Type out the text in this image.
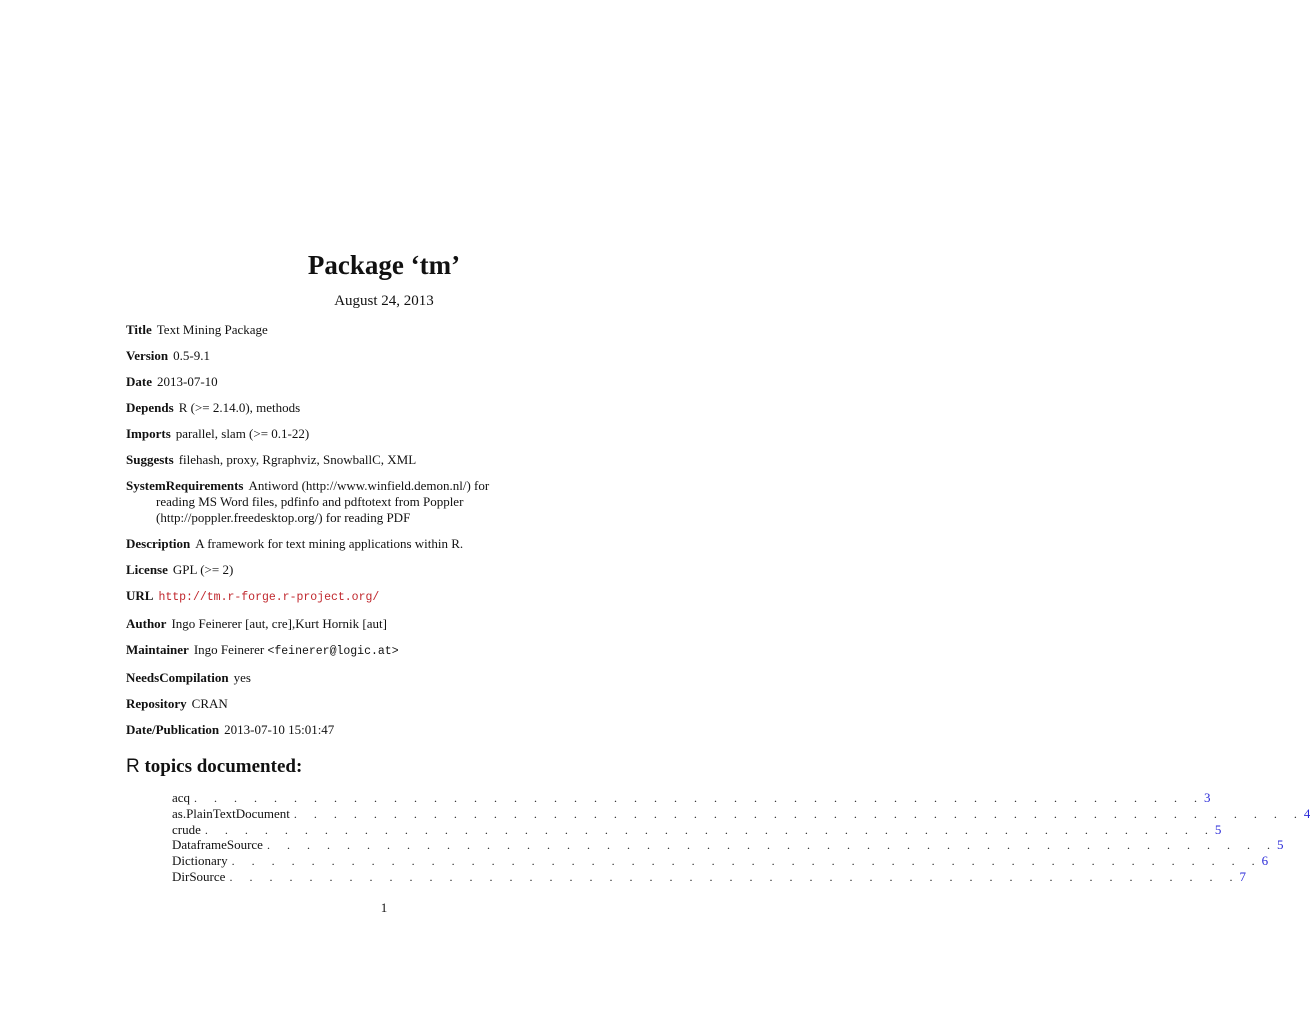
Package ‘tm’
August 24, 2013
Title Text Mining Package
Version 0.5-9.1
Date 2013-07-10
Depends R (>= 2.14.0), methods
Imports parallel, slam (>= 0.1-22)
Suggests filehash, proxy, Rgraphviz, SnowballC, XML
SystemRequirements Antiword (http://www.winfield.demon.nl/) for
reading MS Word files, pdfinfo and pdftotext from Poppler
(http://poppler.freedesktop.org/) for reading PDF
Description A framework for text mining applications within R.
License GPL (>= 2)
URL http://tm.r-forge.r-project.org/
Author Ingo Feinerer [aut, cre],Kurt Hornik [aut]
Maintainer Ingo Feinerer <feinerer@logic.at>
NeedsCompilation yes
Repository CRAN
Date/Publication 2013-07-10 15:01:47
R topics documented:
acq . . . . . . . . . . . . . . . . . . . . . . . . . . . . . . . . . . . . . . . . . . . . . . . . . . . 3
as.PlainTextDocument . . . . . . . . . . . . . . . . . . . . . . . . . . . . . . . . . . . . . . . . . . . . . . . . . . . 4
crude . . . . . . . . . . . . . . . . . . . . . . . . . . . . . . . . . . . . . . . . . . . . . . . . . . . 5
DataframeSource . . . . . . . . . . . . . . . . . . . . . . . . . . . . . . . . . . . . . . . . . . . . . . . . . . . 5
Dictionary . . . . . . . . . . . . . . . . . . . . . . . . . . . . . . . . . . . . . . . . . . . . . . . . . . . . 6
DirSource . . . . . . . . . . . . . . . . . . . . . . . . . . . . . . . . . . . . . . . . . . . . . . . . . . . 7
1
